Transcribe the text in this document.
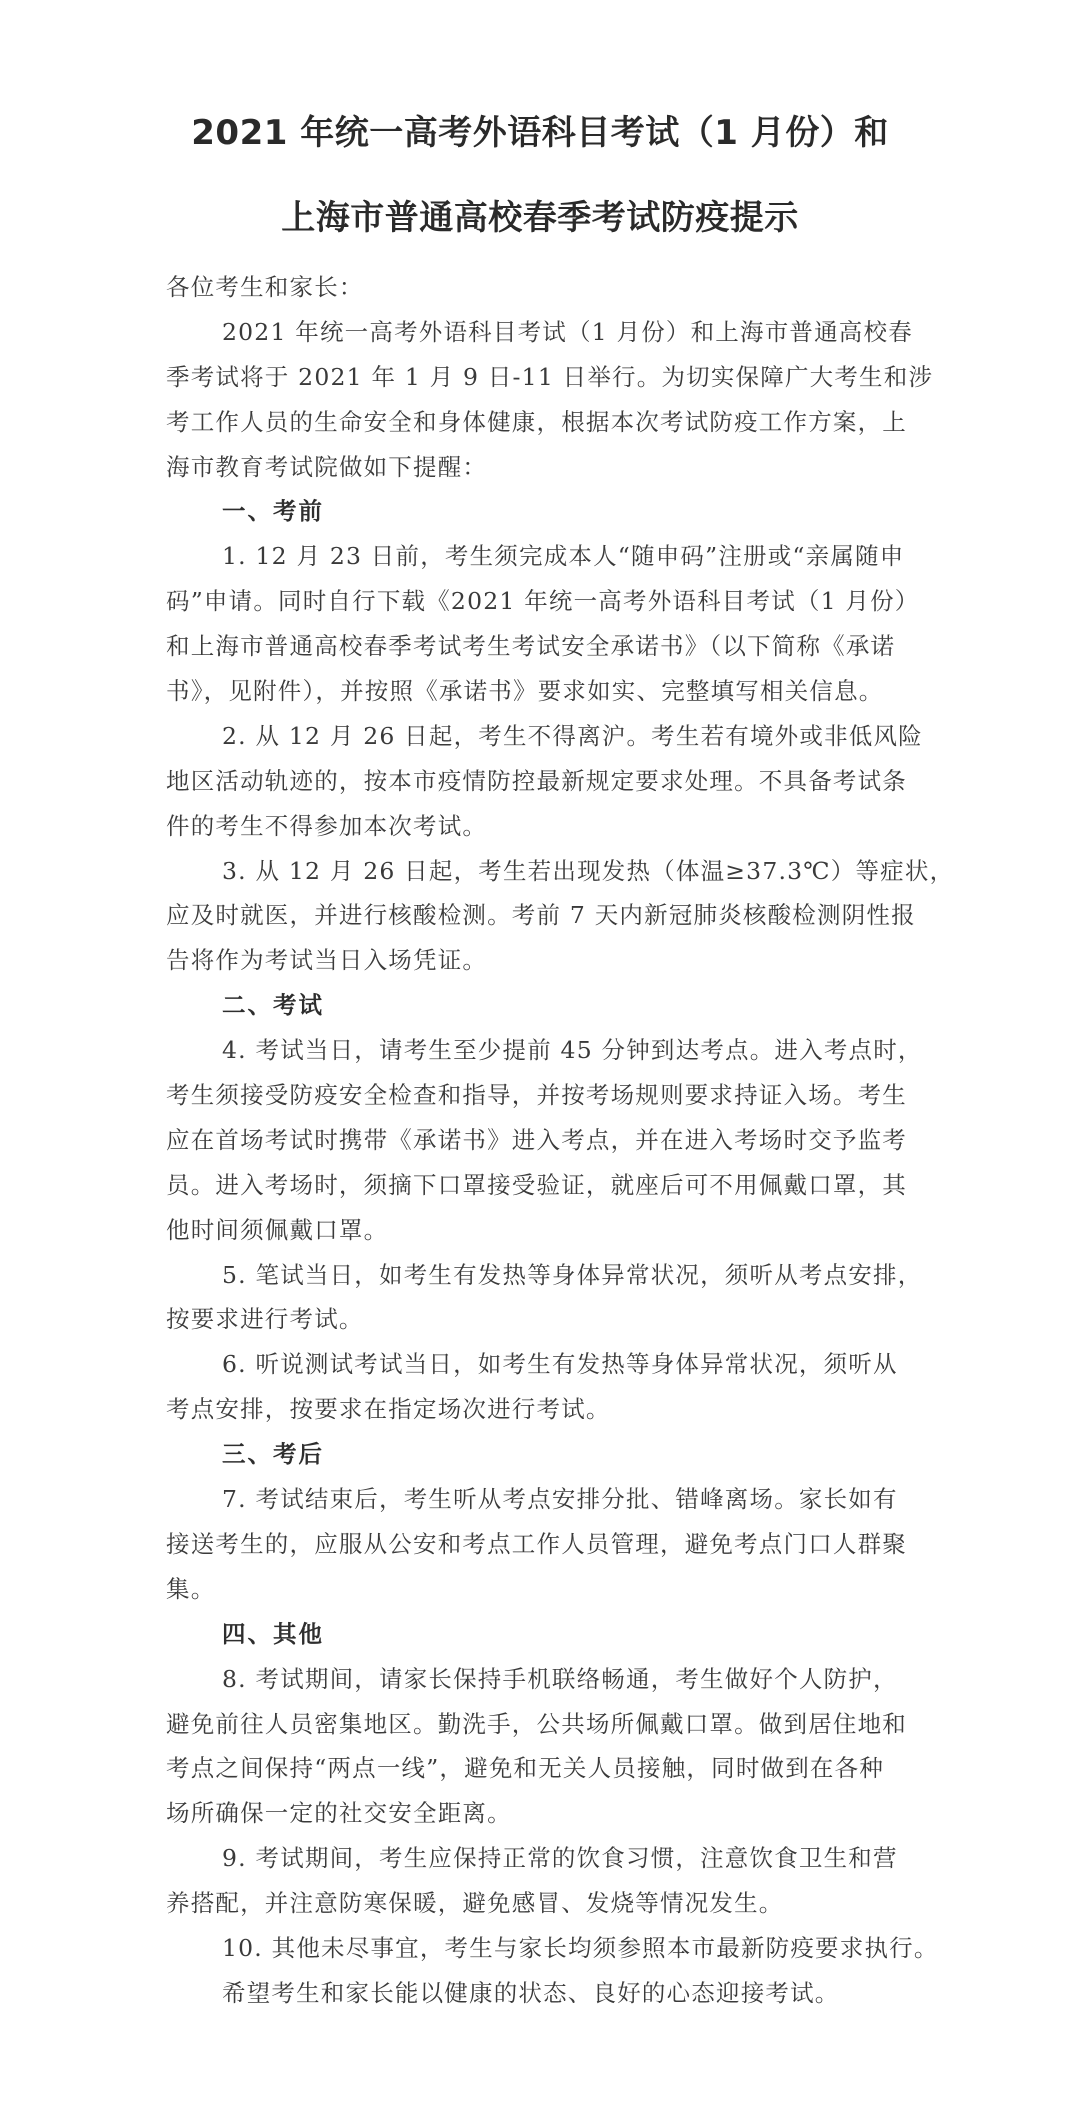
2021 年统一高考外语科目考试（1 月份）和
上海市普通高校春季考试防疫提示
各位考生和家长：
2021 年统一高考外语科目考试（1 月份）和上海市普通高校春
季考试将于 2021 年 1 月 9 日-11 日举行。为切实保障广大考生和涉
考工作人员的生命安全和身体健康，根据本次考试防疫工作方案，上
海市教育考试院做如下提醒：
一、考前
1. 12 月 23 日前，考生须完成本人“随申码”注册或“亲属随申
码”申请。同时自行下载《2021 年统一高考外语科目考试（1 月份）
和上海市普通高校春季考试考生考试安全承诺书》（以下简称《承诺
书》，见附件），并按照《承诺书》要求如实、完整填写相关信息。
2. 从 12 月 26 日起，考生不得离沪。考生若有境外或非低风险
地区活动轨迹的，按本市疫情防控最新规定要求处理。不具备考试条
件的考生不得参加本次考试。
3. 从 12 月 26 日起，考生若出现发热（体温≥37.3℃）等症状，
应及时就医，并进行核酸检测。考前 7 天内新冠肺炎核酸检测阴性报
告将作为考试当日入场凭证。
二、考试
4. 考试当日，请考生至少提前 45 分钟到达考点。进入考点时，
考生须接受防疫安全检查和指导，并按考场规则要求持证入场。考生
应在首场考试时携带《承诺书》进入考点，并在进入考场时交予监考
员。进入考场时，须摘下口罩接受验证，就座后可不用佩戴口罩，其
他时间须佩戴口罩。
5. 笔试当日，如考生有发热等身体异常状况，须听从考点安排，
按要求进行考试。
6. 听说测试考试当日，如考生有发热等身体异常状况，须听从
考点安排，按要求在指定场次进行考试。
三、考后
7. 考试结束后，考生听从考点安排分批、错峰离场。家长如有
接送考生的，应服从公安和考点工作人员管理，避免考点门口人群聚
集。
四、其他
8. 考试期间，请家长保持手机联络畅通，考生做好个人防护，
避免前往人员密集地区。勤洗手，公共场所佩戴口罩。做到居住地和
考点之间保持“两点一线”，避免和无关人员接触，同时做到在各种
场所确保一定的社交安全距离。
9. 考试期间，考生应保持正常的饮食习惯，注意饮食卫生和营
养搭配，并注意防寒保暖，避免感冒、发烧等情况发生。
10. 其他未尽事宜，考生与家长均须参照本市最新防疫要求执行。
希望考生和家长能以健康的状态、良好的心态迎接考试。
